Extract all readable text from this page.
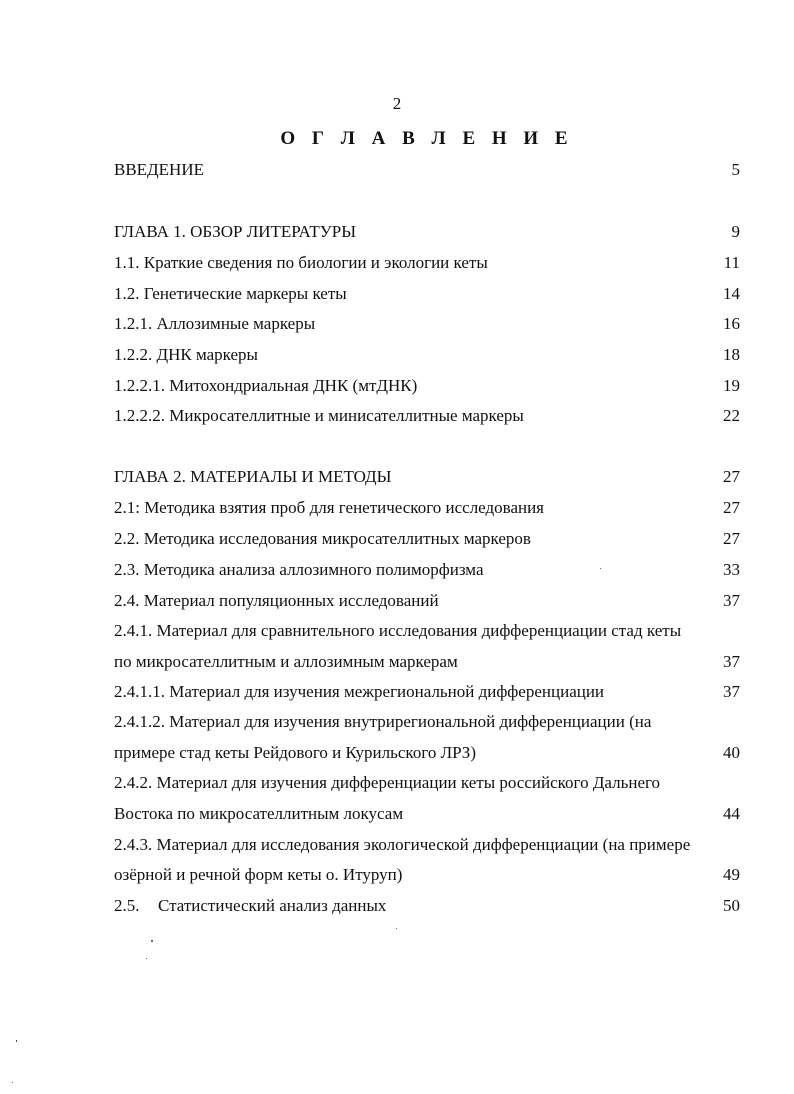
2
О Г Л А В Л Е Н И Е
ВВЕДЕНИЕ	5
ГЛАВА 1. ОБЗОР ЛИТЕРАТУРЫ	9
1.1. Краткие сведения по биологии и экологии кеты	11
1.2. Генетические маркеры кеты	14
1.2.1. Аллозимные маркеры	16
1.2.2. ДНК маркеры	18
1.2.2.1. Митохондриальная ДНК (мтДНК)	19
1.2.2.2. Микросателлитные и минисателлитные маркеры	22
ГЛАВА 2. МАТЕРИАЛЫ И МЕТОДЫ	27
2.1: Методика взятия проб для генетического исследования	27
2.2. Методика исследования микросателлитных маркеров	27
2.3. Методика анализа аллозимного полиморфизма	33
2.4. Материал популяционных исследований	37
2.4.1. Материал для сравнительного исследования дифференциации стад кеты
по микросателлитным и аллозимным маркерам	37
2.4.1.1. Материал для изучения межрегиональной дифференциации	37
2.4.1.2. Материал для изучения внутрирегиональной дифференциации (на
примере стад кеты Рейдового и Курильского ЛРЗ)	40
2.4.2. Материал для изучения дифференциации кеты российского Дальнего
Востока по микросателлитным локусам	44
2.4.3. Материал для исследования экологической дифференциации (на примере
озёрной и речной форм кеты о. Итуруп)	49
2.5. Статистический анализ данных	50
